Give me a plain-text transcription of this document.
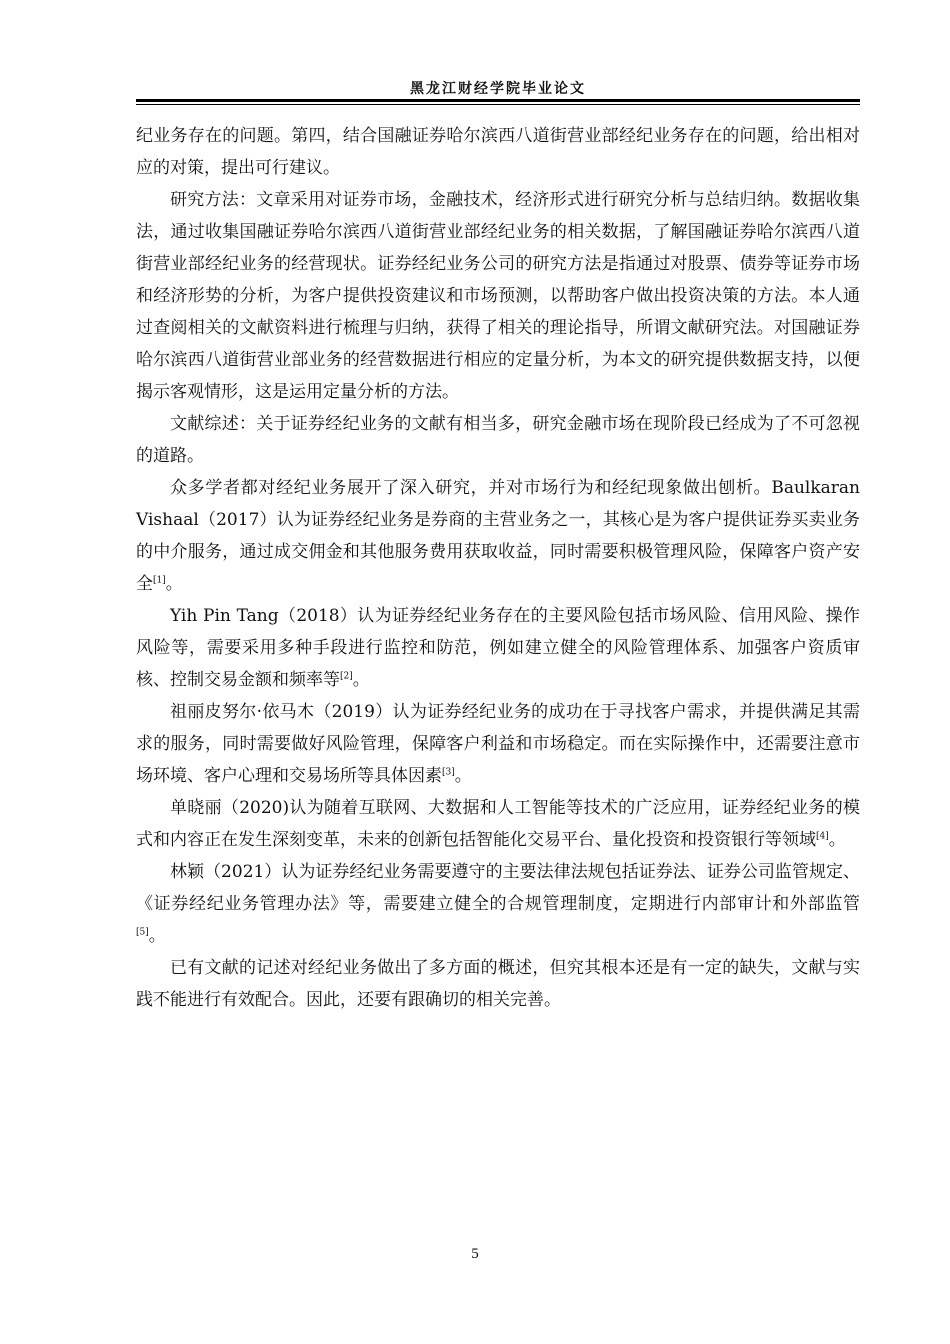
黑龙江财经学院毕业论文

纪业务存在的问题。第四，结合国融证券哈尔滨西八道街营业部经纪业务存在的问题，给出相对应的对策，提出可行建议。

研究方法：文章采用对证券市场，金融技术，经济形式进行研究分析与总结归纳。数据收集法，通过收集国融证券哈尔滨西八道街营业部经纪业务的相关数据，了解国融证券哈尔滨西八道街营业部经纪业务的经营现状。证券经纪业务公司的研究方法是指通过对股票、债券等证券市场和经济形势的分析，为客户提供投资建议和市场预测，以帮助客户做出投资决策的方法。本人通过查阅相关的文献资料进行梳理与归纳，获得了相关的理论指导，所谓文献研究法。对国融证券哈尔滨西八道街营业部业务的经营数据进行相应的定量分析，为本文的研究提供数据支持，以便揭示客观情形，这是运用定量分析的方法。

文献综述：关于证券经纪业务的文献有相当多，研究金融市场在现阶段已经成为了不可忽视的道路。

众多学者都对经纪业务展开了深入研究，并对市场行为和经纪现象做出刨析。Baulkaran Vishaal（2017）认为证券经纪业务是券商的主营业务之一，其核心是为客户提供证券买卖业务的中介服务，通过成交佣金和其他服务费用获取收益，同时需要积极管理风险，保障客户资产安全[1]。

Yih Pin Tang（2018）认为证券经纪业务存在的主要风险包括市场风险、信用风险、操作风险等，需要采用多种手段进行监控和防范，例如建立健全的风险管理体系、加强客户资质审核、控制交易金额和频率等[2]。

祖丽皮努尔·依马木（2019）认为证券经纪业务的成功在于寻找客户需求，并提供满足其需求的服务，同时需要做好风险管理，保障客户利益和市场稳定。而在实际操作中，还需要注意市场环境、客户心理和交易场所等具体因素[3]。

单晓丽（2020)认为随着互联网、大数据和人工智能等技术的广泛应用，证券经纪业务的模式和内容正在发生深刻变革，未来的创新包括智能化交易平台、量化投资和投资银行等领域[4]。

林颖（2021）认为证券经纪业务需要遵守的主要法律法规包括证券法、证券公司监管规定、《证券经纪业务管理办法》等，需要建立健全的合规管理制度，定期进行内部审计和外部监管[5]。

已有文献的记述对经纪业务做出了多方面的概述，但究其根本还是有一定的缺失，文献与实践不能进行有效配合。因此，还要有跟确切的相关完善。

5
